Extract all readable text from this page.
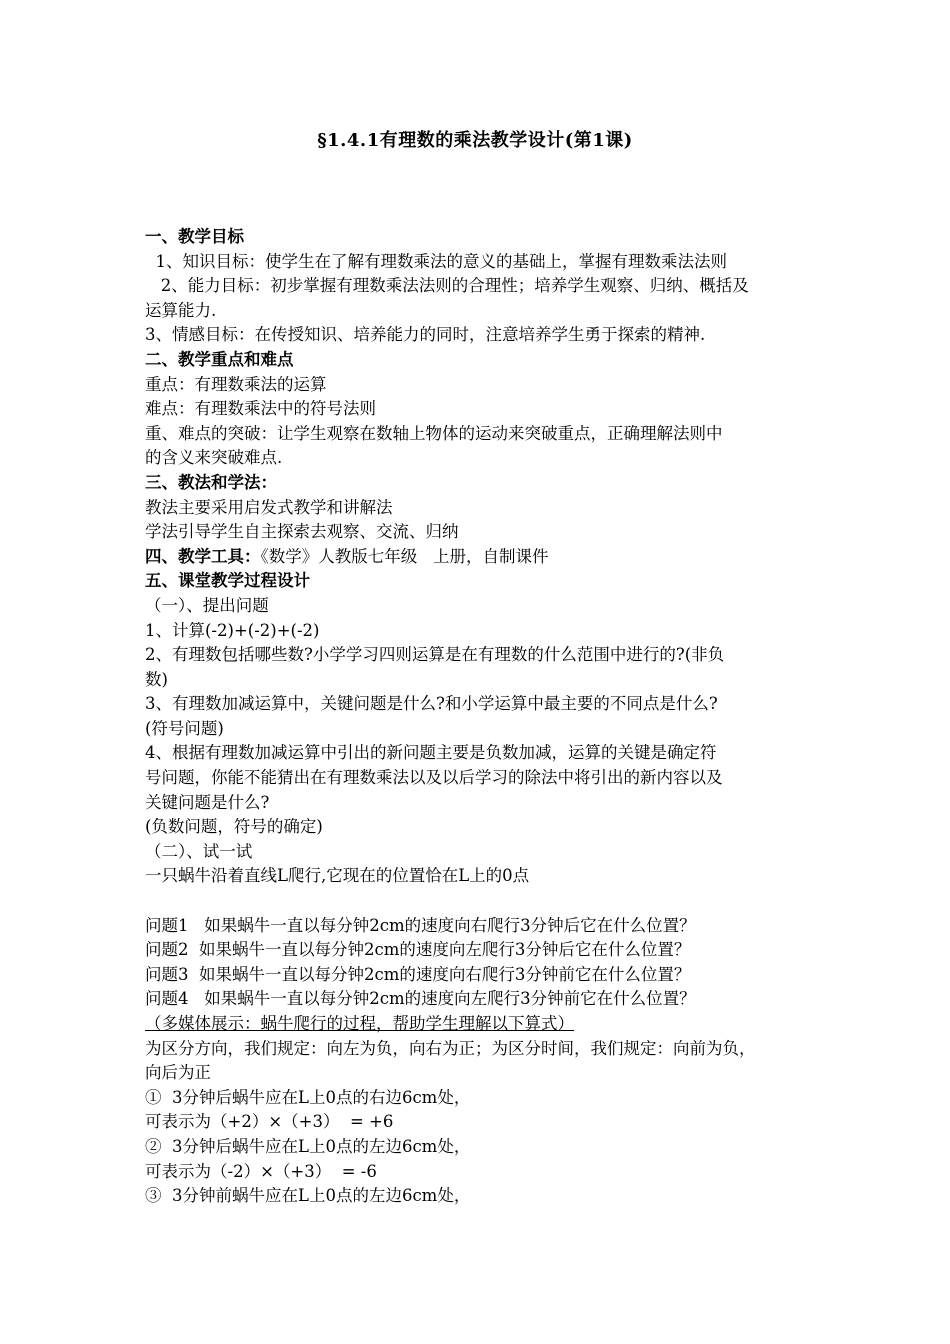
§1.4.1有理数的乘法教学设计(第1课)
一、教学目标
1、知识目标：使学生在了解有理数乘法的意义的基础上，掌握有理数乘法法则
2、能力目标：初步掌握有理数乘法法则的合理性；培养学生观察、归纳、概括及
运算能力.
3、情感目标：在传授知识、培养能力的同时，注意培养学生勇于探索的精神.
二、教学重点和难点
重点：有理数乘法的运算
难点：有理数乘法中的符号法则
重、难点的突破：让学生观察在数轴上物体的运动来突破重点，正确理解法则中
的含义来突破难点.
三、教法和学法：
教法主要采用启发式教学和讲解法
学法引导学生自主探索去观察、交流、归纳
四、教学工具：《数学》人教版七年级   上册，自制课件
五、课堂教学过程设计
（一）、提出问题
1、计算(-2)+(-2)+(-2)
2、有理数包括哪些数?小学学习四则运算是在有理数的什么范围中进行的?(非负
数)
3、有理数加减运算中，关键问题是什么?和小学运算中最主要的不同点是什么?
(符号问题)
4、根据有理数加减运算中引出的新问题主要是负数加减，运算的关键是确定符
号问题，你能不能猜出在有理数乘法以及以后学习的除法中将引出的新内容以及
关键问题是什么?
(负数问题，符号的确定)
（二）、试一试
一只蜗牛沿着直线L爬行,它现在的位置恰在L上的0点
问题1   如果蜗牛一直以每分钟2cm的速度向右爬行3分钟后它在什么位置？
问题2  如果蜗牛一直以每分钟2cm的速度向左爬行3分钟后它在什么位置？
问题3  如果蜗牛一直以每分钟2cm的速度向右爬行3分钟前它在什么位置？
问题4   如果蜗牛一直以每分钟2cm的速度向左爬行3分钟前它在什么位置？
（多媒体展示：蜗牛爬行的过程，帮助学生理解以下算式）
为区分方向，我们规定：向左为负，向右为正；为区分时间，我们规定：向前为负，
向后为正
①  3分钟后蜗牛应在L上0点的右边6cm处，
可表示为（+2）×（+3）  = +6
②  3分钟后蜗牛应在L上0点的左边6cm处，
可表示为（-2）×（+3）  = -6
③  3分钟前蜗牛应在L上0点的左边6cm处，
